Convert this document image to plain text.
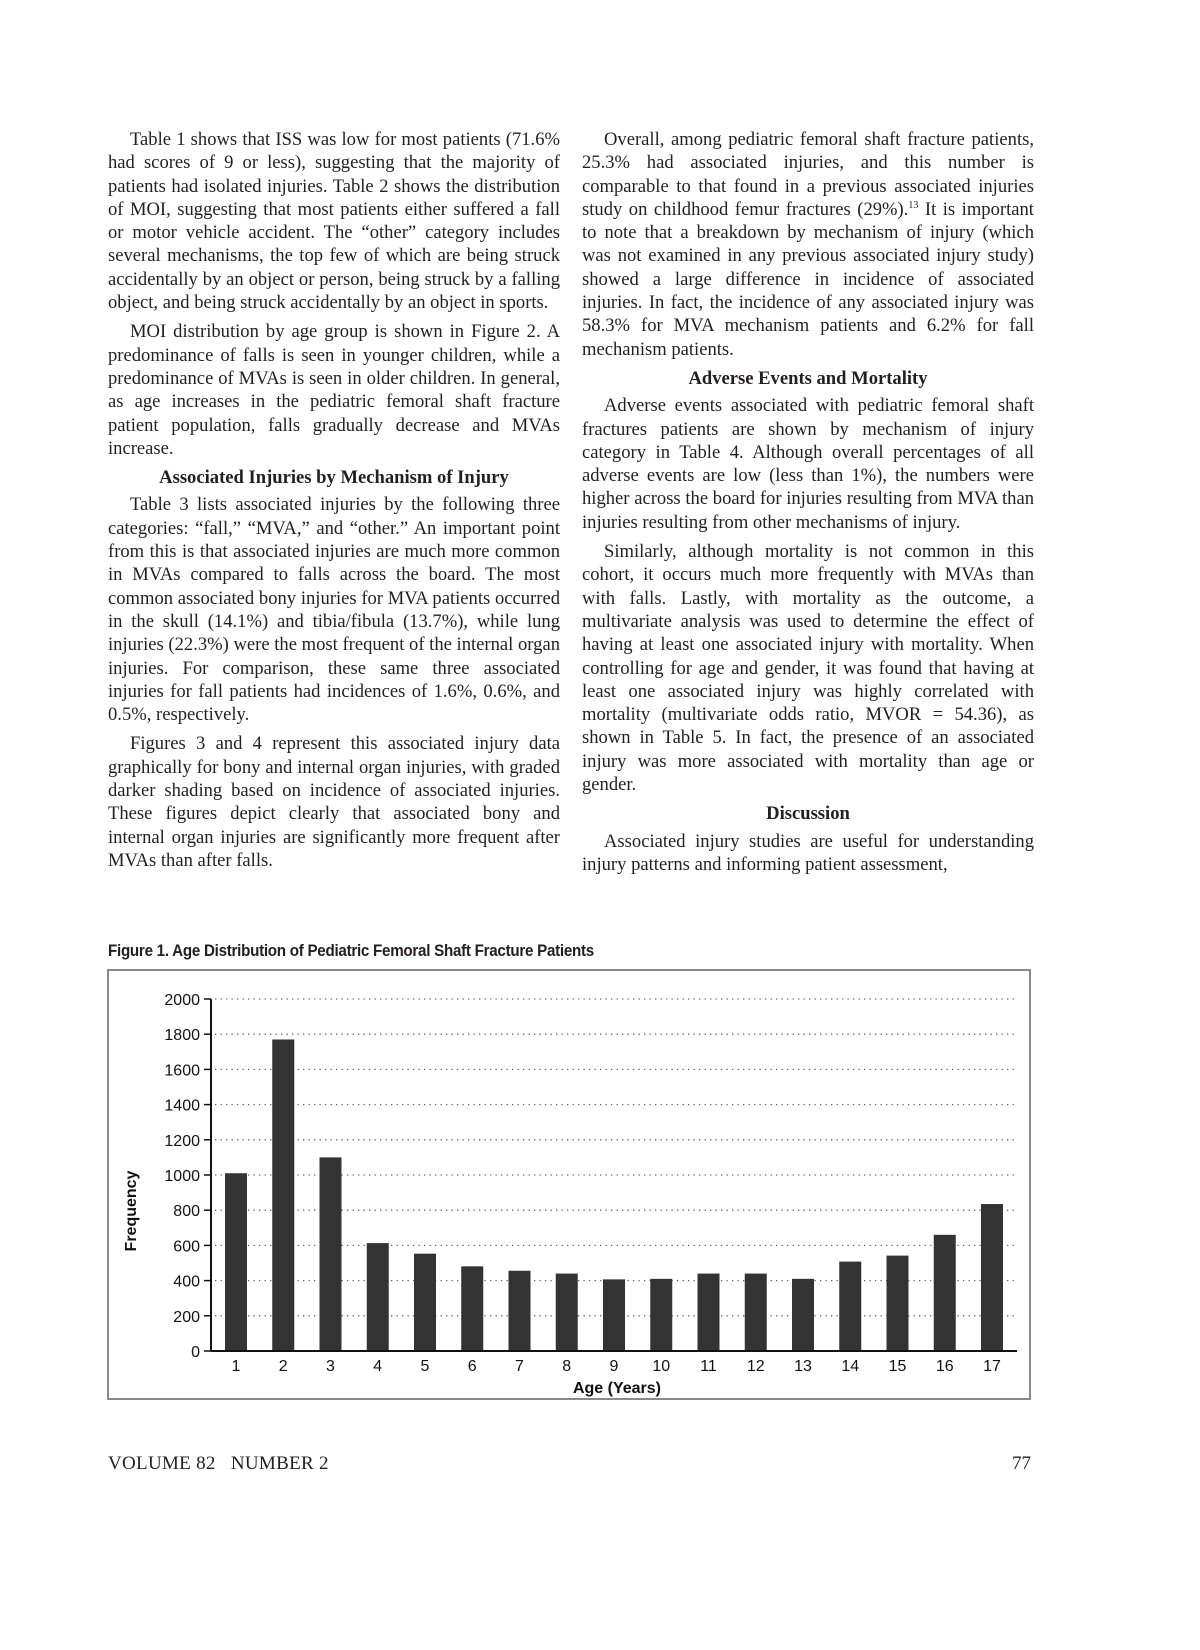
Table 1 shows that ISS was low for most patients (71.6% had scores of 9 or less), suggesting that the majority of patients had isolated injuries. Table 2 shows the distribution of MOI, suggesting that most patients either suffered a fall or motor vehicle accident. The “other” category includes several mechanisms, the top few of which are being struck accidentally by an object or person, being struck by a falling object, and being struck accidentally by an object in sports.

MOI distribution by age group is shown in Figure 2. A predominance of falls is seen in younger children, while a predominance of MVAs is seen in older children. In general, as age increases in the pediatric femoral shaft fracture patient population, falls gradually decrease and MVAs increase.

Associated Injuries by Mechanism of Injury

Table 3 lists associated injuries by the following three categories: “fall,” “MVA,” and “other.” An important point from this is that associated injuries are much more common in MVAs compared to falls across the board. The most common associated bony injuries for MVA patients occurred in the skull (14.1%) and tibia/fibula (13.7%), while lung injuries (22.3%) were the most frequent of the internal organ injuries. For comparison, these same three associated injuries for fall patients had incidences of 1.6%, 0.6%, and 0.5%, respectively.

Figures 3 and 4 represent this associated injury data graphically for bony and internal organ injuries, with graded darker shading based on incidence of associated injuries. These figures depict clearly that associated bony and internal organ injuries are significantly more frequent after MVAs than after falls.

Overall, among pediatric femoral shaft fracture patients, 25.3% had associated injuries, and this number is comparable to that found in a previous associated injuries study on childhood femur fractures (29%).$^{13}$ It is important to note that a breakdown by mechanism of injury (which was not examined in any previous associated injury study) showed a large difference in incidence of associated injuries. In fact, the incidence of any associated injury was 58.3% for MVA mechanism patients and 6.2% for fall mechanism patients.

Adverse Events and Mortality

Adverse events associated with pediatric femoral shaft fractures patients are shown by mechanism of injury category in Table 4. Although overall percentages of all adverse events are low (less than 1%), the numbers were higher across the board for injuries resulting from MVA than injuries resulting from other mechanisms of injury.

Similarly, although mortality is not common in this cohort, it occurs much more frequently with MVAs than with falls. Lastly, with mortality as the outcome, a multivariate analysis was used to determine the effect of having at least one associated injury with mortality. When controlling for age and gender, it was found that having at least one associated injury was highly correlated with mortality (multivariate odds ratio, MVOR = 54.36), as shown in Table 5. In fact, the presence of an associated injury was more associated with mortality than age or gender.

Discussion

Associated injury studies are useful for understanding injury patterns and informing patient assessment,

Figure 1. Age Distribution of Pediatric Femoral Shaft Fracture Patients
0
200
400
600
800
1000
1200
1400
1600
1800
2000
1 2 3 4 5 6 7 8 9 10 11 12 13 14 15 16 17
Age (Years)
Frequency
VOLUME 82   NUMBER 2	77
